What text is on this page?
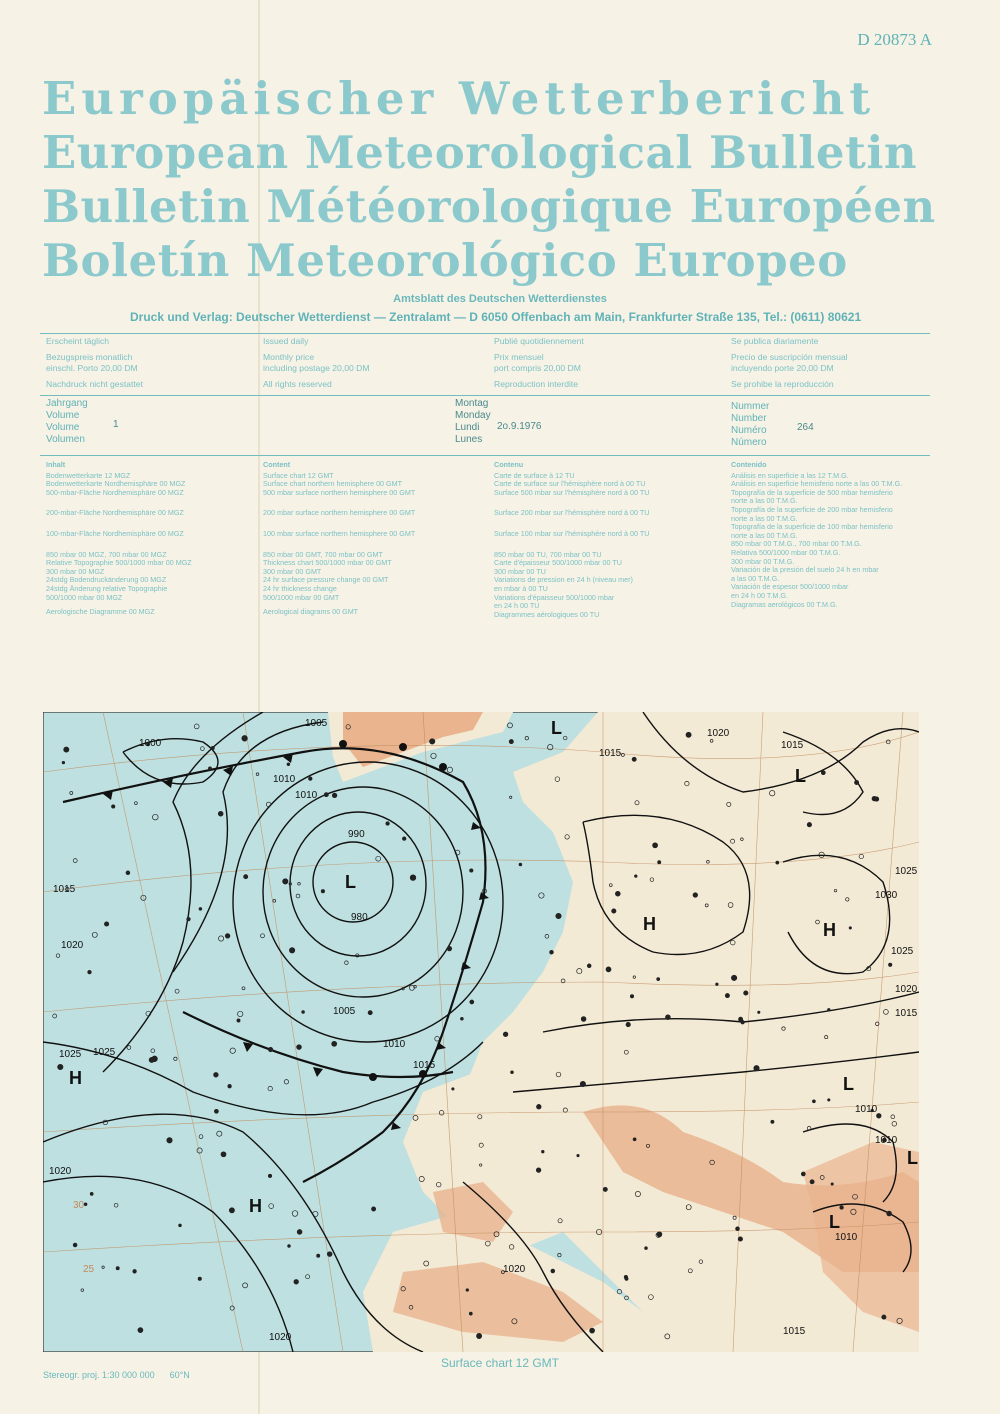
D 20873 A
Europäischer Wetterbericht
European Meteorological Bulletin
Bulletin Météorologique Européen
Boletín Meteorológico Europeo
Amtsblatt des Deutschen Wetterdienstes
Druck und Verlag: Deutscher Wetterdienst — Zentralamt — D 6050 Offenbach am Main, Frankfurter Straße 135, Tel.: (0611) 80621
Erscheint täglich
Bezugspreis monatlich
einschl. Porto 20,00 DM
Nachdruck nicht gestattet
Issued daily
Monthly price
including postage 20,00 DM
All rights reserved
Publié quotidiennement
Prix mensuel
port compris 20,00 DM
Reproduction interdite
Se publica diariamente
Precio de suscripción mensual
incluyendo porte 20,00 DM
Se prohibe la reproducción
Jahrgang
Volume
Volume
Volumen
1
Montag
Monday
Lundi
Lunes
2o.9.1976
Nummer
Number
Numéro
Número
264
Inhalt
Bodenwetterkarte 12 MGZ
Bodenwetterkarte Nordhemisphäre 00 MGZ
500-mbar-Fläche Nordhemisphäre 00 MGZ
200-mbar-Fläche Nordhemisphäre 00 MGZ
100-mbar-Fläche Nordhemisphäre 00 MGZ
850 mbar 00 MGZ, 700 mbar 00 MGZ
Relative Topographie 500/1000 mbar 00 MGZ
300 mbar 00 MGZ
24stdg Bodendruckänderung 00 MGZ
24stdg Änderung relative Topographie
500/1000 mbar 00 MGZ
Aerologische Diagramme 00 MGZ
Content
Surface chart 12 GMT
Surface chart northern hemisphere 00 GMT
500 mbar surface northern hemisphere 00 GMT
200 mbar surface northern hemisphere 00 GMT
100 mbar surface northern hemisphere 00 GMT
850 mbar 00 GMT, 700 mbar 00 GMT
Thickness chart 500/1000 mbar 00 GMT
300 mbar 00 GMT
24 hr surface pressure change 00 GMT
24 hr thickness change
500/1000 mbar 00 GMT
Aerological diagrams 00 GMT
Contenu
Carte de surface à 12 TU
Carte de surface sur l'hémisphère nord à 00 TU
Surface 500 mbar sur l'hémisphère nord à 00 TU
Surface 200 mbar sur l'hémisphère nord à 00 TU
Surface 100 mbar sur l'hémisphère nord à 00 TU
850 mbar 00 TU, 700 mbar 00 TU
Carte d'épaisseur 500/1000 mbar 00 TU
300 mbar 00 TU
Variations de pression en 24 h (niveau mer)
en mbar à 00 TU
Variations d'épaisseur 500/1000 mbar
en 24 h 00 TU
Diagrammes aérologiques 00 TU
Contenido
Análisis en superficie a las 12 T.M.G.
Análisis en superficie hemisferio norte a las 00 T.M.G.
Topografía de la superficie de 500 mbar hemisferio
norte a las 00 T.M.G.
Topografía de la superficie de 200 mbar hemisferio
norte a las 00 T.M.G.
Topografía de la superficie de 100 mbar hemisferio
norte a las 00 T.M.G.
850 mbar 00 T.M.G., 700 mbar 00 T.M.G.
Relativa 500/1000 mbar 00 T.M.G.
300 mbar 00 T.M.G.
Variación de la presión del suelo 24 h en mbar
a las 00 T.M.G.
Variación de espesor 500/1000 mbar
en 24 h 00 T.M.G.
Diagramas aerológicos 00 T.M.G.
1005
1000
1010
1015
1020
1025
990
980
1010
1005
1025
1020
1015
1010
1015
1020
1030
1025
1020
1015
1010
1015
1020
1010
1010
1015
1020
1025
H
L
H
L
H	H
L
L
L
L
30
25
Stereogr. proj. 1:30 000 000 60°N
Surface chart 12 GMT
